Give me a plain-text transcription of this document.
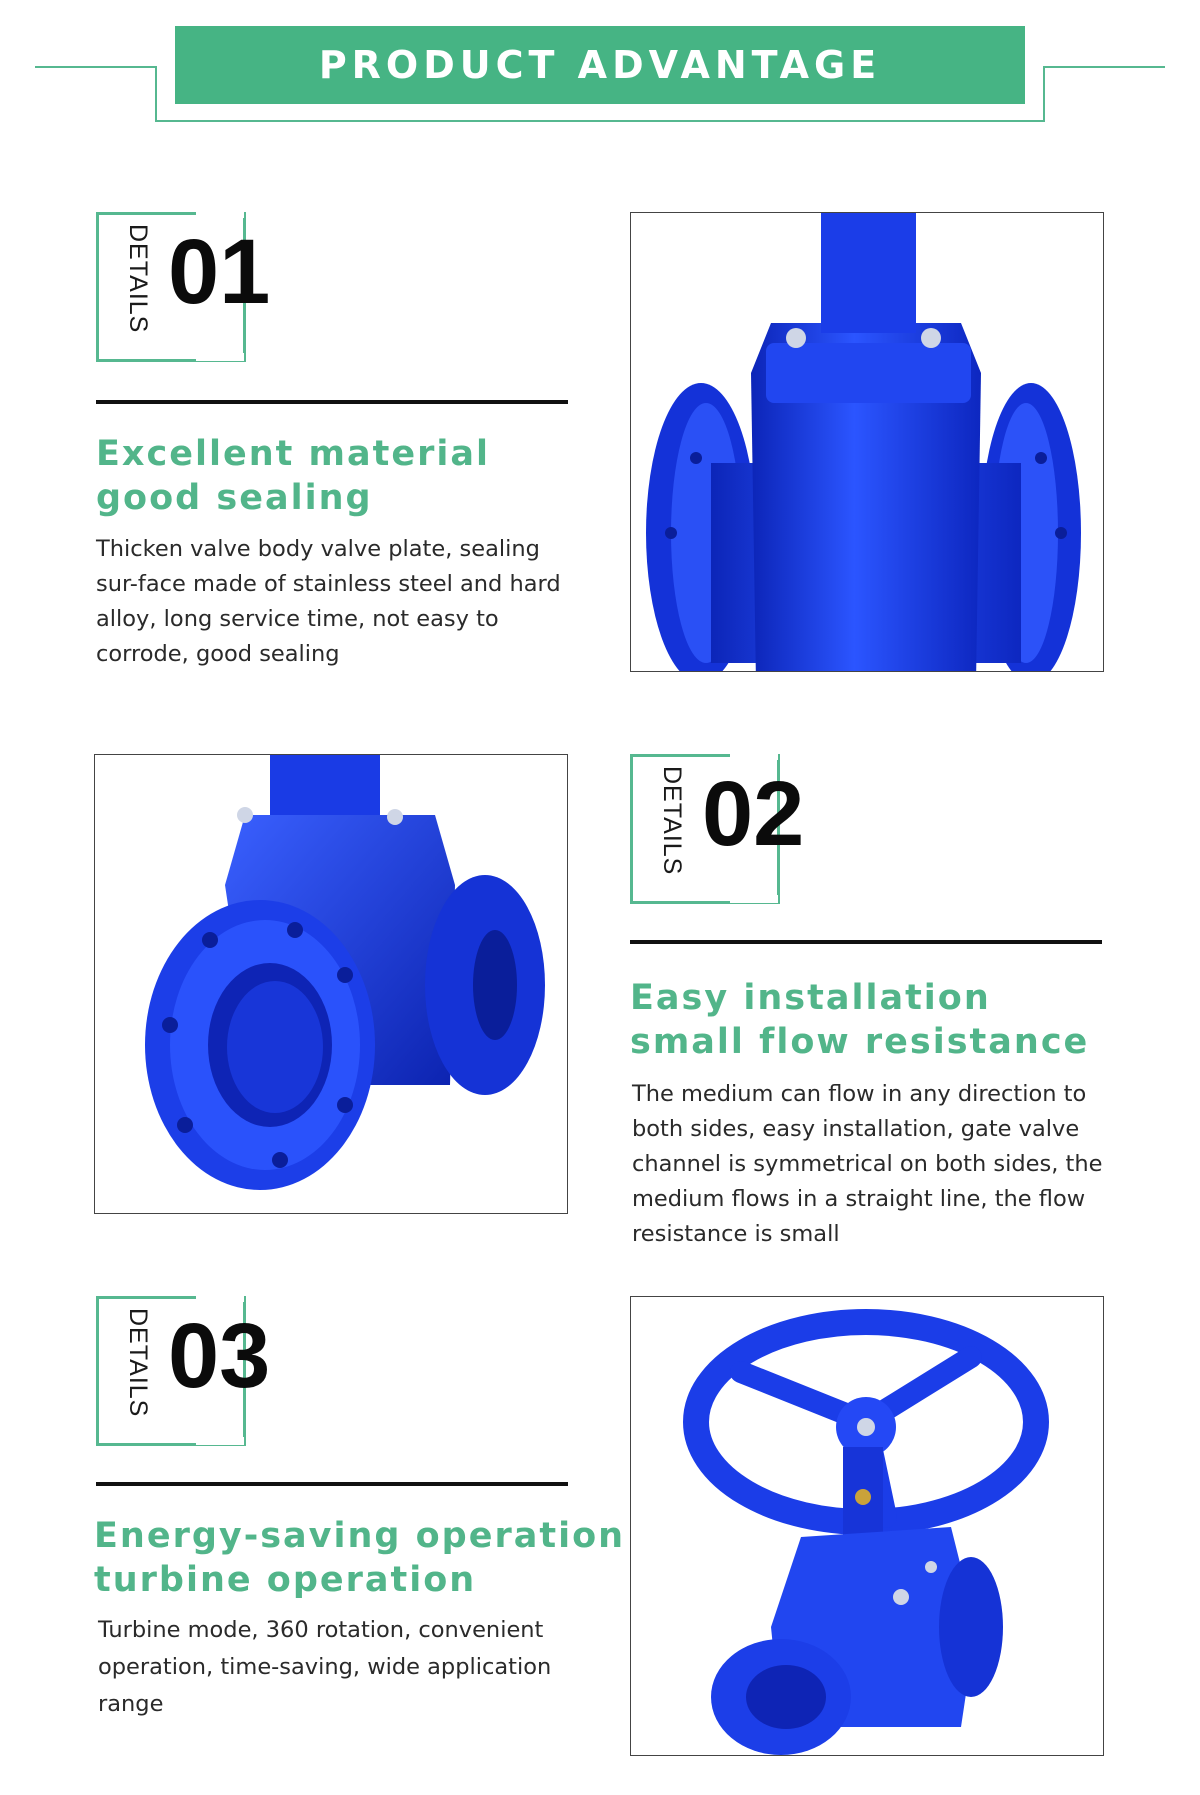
PRODUCT ADVANTAGE
DETAILS 01
Excellent material
good sealing
Thicken valve body valve plate, sealing sur-face made of stainless steel and hard alloy, long service time, not easy to corrode, good sealing
DETAILS 02
Easy installation
small flow resistance
The medium can flow in any direction to both sides, easy installation, gate valve channel is symmetrical on both sides, the medium flows in a straight line, the flow resistance is small
DETAILS 03
Energy-saving operation
turbine operation
Turbine mode, 360 rotation, convenient operation, time-saving, wide application range
